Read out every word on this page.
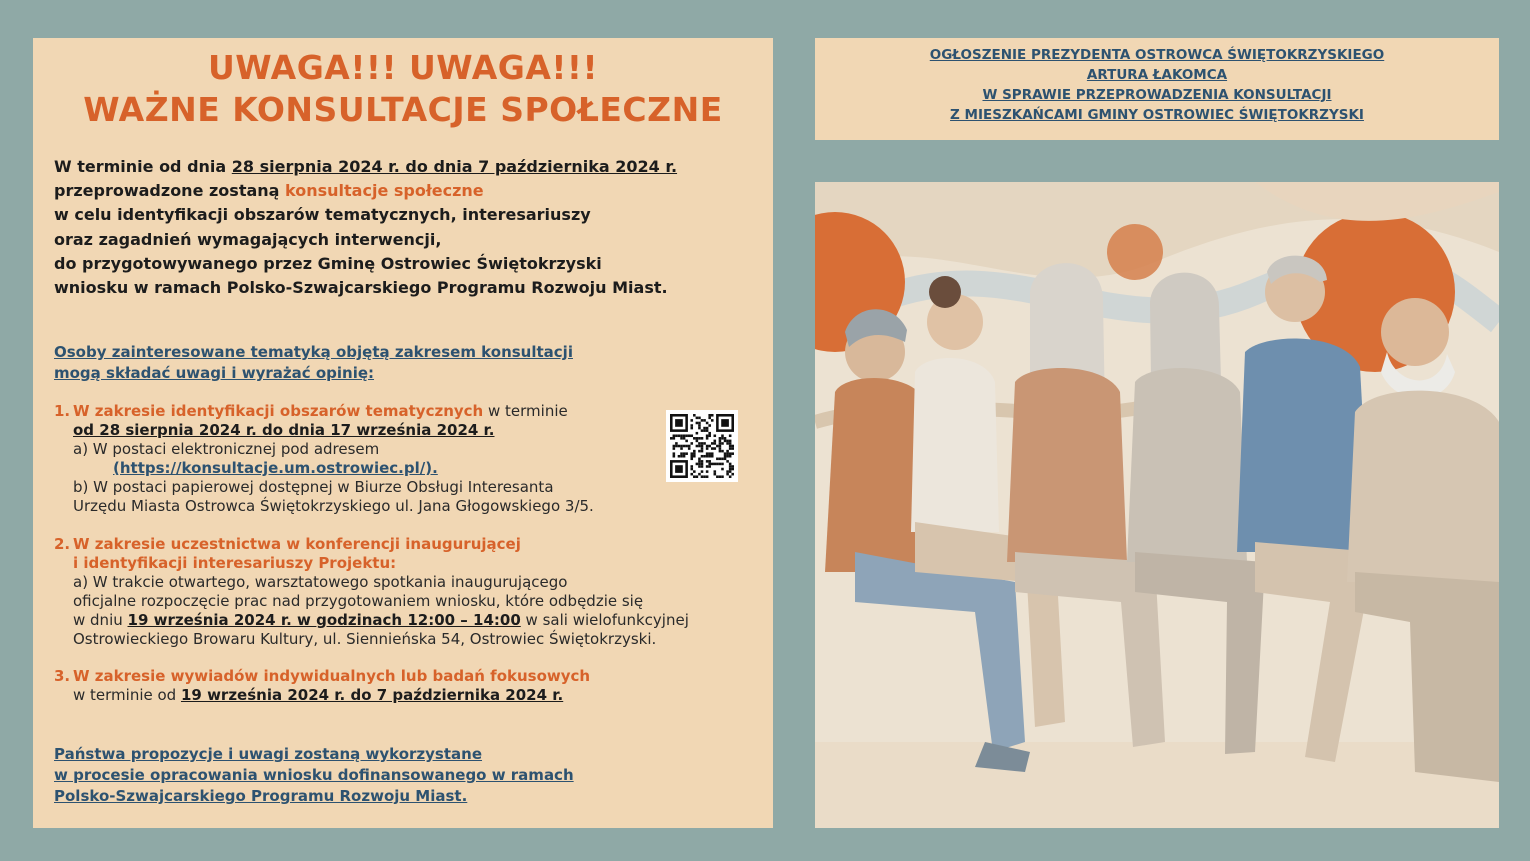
UWAGA!!! UWAGA!!!
WAŻNE KONSULTACJE SPOŁECZNE
W terminie od dnia 28 sierpnia 2024 r. do dnia 7 października 2024 r.
przeprowadzone zostaną konsultacje społeczne
w celu identyfikacji obszarów tematycznych, interesariuszy
oraz zagadnień wymagających interwencji,
do przygotowywanego przez Gminę Ostrowiec Świętokrzyski
wniosku w ramach Polsko-Szwajcarskiego Programu Rozwoju Miast.
Osoby zainteresowane tematyką objętą zakresem konsultacji
mogą składać uwagi i wyrażać opinię:
1. W zakresie identyfikacji obszarów tematycznych w terminie
od 28 sierpnia 2024 r. do dnia 17 września 2024 r.
a) W postaci elektronicznej pod adresem
(https://konsultacje.um.ostrowiec.pl/).
b) W postaci papierowej dostępnej w Biurze Obsługi Interesanta
Urzędu Miasta Ostrowca Świętokrzyskiego ul. Jana Głogowskiego 3/5.
2. W zakresie uczestnictwa w konferencji inaugurującej
i identyfikacji interesariuszy Projektu:
a) W trakcie otwartego, warsztatowego spotkania inaugurującego
oficjalne rozpoczęcie prac nad przygotowaniem wniosku, które odbędzie się
w dniu 19 września 2024 r. w godzinach 12:00 – 14:00 w sali wielofunkcyjnej
Ostrowieckiego Browaru Kultury, ul. Siennieńska 54, Ostrowiec Świętokrzyski.
3. W zakresie wywiadów indywidualnych lub badań fokusowych
w terminie od 19 września 2024 r. do 7 października 2024 r.
Państwa propozycje i uwagi zostaną wykorzystane
w procesie opracowania wniosku dofinansowanego w ramach
Polsko-Szwajcarskiego Programu Rozwoju Miast.
OGŁOSZENIE PREZYDENTA OSTROWCA ŚWIĘTOKRZYSKIEGO
ARTURA ŁAKOMCA
W SPRAWIE PRZEPROWADZENIA KONSULTACJI
Z MIESZKAŃCAMI GMINY OSTROWIEC ŚWIĘTOKRZYSKI
